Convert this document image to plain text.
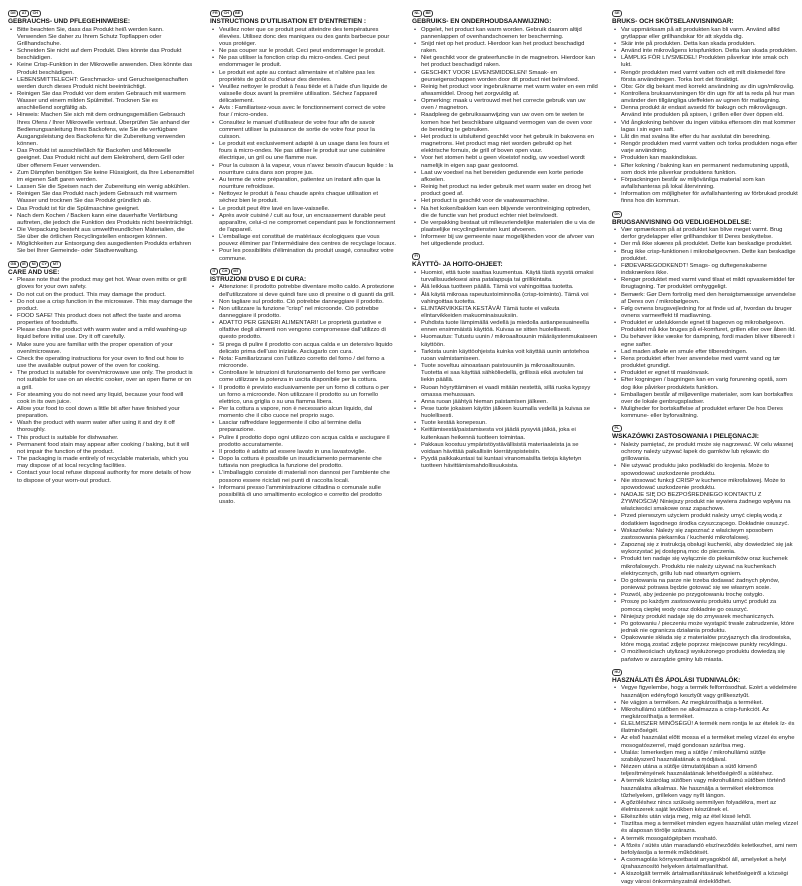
DE	AT	CH
GEBRAUCHS- UND PFLEGEHINWEISE:
• Bitte beachten Sie, dass das Produkt heiß werden kann. Verwenden Sie daher zu Ihrem Schutz Topflappen oder Grillhandschuhe.
• Schneiden Sie nicht auf dem Produkt. Dies könnte das Produkt beschädigen.
• Keine Crisp-Funktion in der Mikrowelle anwenden. Dies könnte das Produkt beschädigen.
• LEBENSMITTELECHT: Geschmacks- und Geruchseigenschaften werden durch dieses Produkt nicht beeinträchtigt.
• Reinigen Sie das Produkt vor dem ersten Gebrauch mit warmem Wasser und einem milden Spülmittel. Trocknen Sie es anschließend sorgfältig ab.
• Hinweis: Machen Sie sich mit dem ordnungsgemäßen Gebrauch Ihres Ofens / Ihrer Mikrowelle vertraut. Überprüfen Sie anhand der Bedienungsanleitung Ihres Backofens, wie Sie die verfügbare Ausgangsleistung des Backofens für die Zubereitung verwenden können.
• Das Produkt ist ausschließlich für Backofen und Mikrowelle geeignet. Das Produkt nicht auf dem Elektroherd, dem Grill oder über offenem Feuer verwenden.
• Zum Dämpfen benötigen Sie keine Flüssigkeit, da Ihre Lebensmittel im eigenen Saft garen werden.
• Lassen Sie die Speisen nach der Zubereitung ein wenig abkühlen.
• Reinigen Sie das Produkt nach jedem Gebrauch mit warmem Wasser und trocknen Sie das Produkt gründlich ab.
• Das Produkt ist für die Spülmaschine geeignet.
• Nach dem Kochen / Backen kann eine dauerhafte Verfärbung auftreten, die jedoch die Funktion des Produkts nicht beeinträchtigt.
• Die Verpackung besteht aus umweltfreundlichen Materialien, die Sie über die örtlichen Recyclingstellen entsorgen können.
• Möglichkeiten zur Entsorgung des ausgedienten Produkts erfahren Sie bei Ihrer Gemeinde- oder Stadtverwaltung.
GB	IE	NI	CY	MT
CARE AND USE:
• Please note that the product may get hot. Wear oven mitts or grill gloves for your own safety.
• Do not cut on the product. This may damage the product.
• Do not use a crisp function in the microwave. This may damage the product.
• FOOD SAFE! This product does not affect the taste and aroma properties of foodstuffs.
• Please clean the product with warm water and a mild washing-up liquid before initial use. Dry it off carefully.
• Make sure you are familiar with the proper operation of your oven/microwave.
• Check the operating instructions for your oven to find out how to use the available output power of the oven for cooking.
• The product is suitable for oven/microwave use only. The product is not suitable for use on an electric cooker, over an open flame or on a grill.
• For steaming you do not need any liquid, because your food will cook in its own juice.
• Allow your food to cool down a little bit after have finished your preparation.
• Wash the product with warm water after using it and dry it off thoroughly.
• This product is suitable for dishwasher.
• Permanent food stain may appear after cooking / baking, but it will not impair the function of the product.
• The packaging is made entirely of recyclable materials, which you may dispose of at local recycling facilities.
• Contact your local refuse disposal authority for more details of how to dispose of your worn-out product.
FR	CH	BE
INSTRUCTIONS D'UTILISATION ET D'ENTRETIEN :
• Veuillez noter que ce produit peut atteindre des températures élevées. Utilisez donc des maniques ou des gants barbecue pour vous protéger.
• Ne pas couper sur le produit. Ceci peut endommager le produit.
• Ne pas utiliser la fonction crisp du micro-ondes. Ceci peut endommager le produit.
• Le produit est apte au contact alimentaire et n'altère pas les propriétés de goût ou d'odeur des denrées.
• Veuillez nettoyer le produit à l'eau tiède et à l'aide d'un liquide de vaisselle doux avant la première utilisation. Séchez l'appareil délicatement.
• Avis : Familiarisez-vous avec le fonctionnement correct de votre four / micro-ondes.
• Consultez le manuel d'utilisateur de votre four afin de savoir comment utiliser la puissance de sortie de votre four pour la cuisson.
• Le produit est exclusivement adapté à un usage dans les fours et fours à micro-ondes. Ne pas utiliser le produit sur une cuisinière électrique, un gril ou une flamme nue.
• Pour la cuisson à la vapeur, vous n'avez besoin d'aucun liquide : la nourriture cuira dans son propre jus.
• Au terme de votre préparation, patientez un instant afin que la nourriture refroidisse.
• Nettoyez le produit à l'eau chaude après chaque utilisation et séchez bien le produit.
• Le produit peut être lavé en lave-vaisselle.
• Après avoir cuisiné / cuit au four, un encrassement durable peut apparaître, celui-ci ne compromet cependant pas le fonctionnement de l'appareil.
• L'emballage est constitué de matériaux écologiques que vous pouvez éliminer par l'intermédiaire des centres de recyclage locaux.
• Pour les possibilités d'élimination du produit usagé, consultez votre commune.
IT	CH	MT
ISTRUZIONI D'USO E DI CURA:
• Attenzione: il prodotto potrebbe diventare molto caldo. A protezione dell'utilizzatore si deve quindi fare uso di presine o di guanti da grill.
• Non tagliare sul prodotto. Ciò potrebbe danneggiare il prodotto.
• Non utilizzare la funzione "crisp" nel microonde. Ciò potrebbe danneggiare il prodotto.
• ADATTO PER GENERI ALIMENTARI! Le proprietà gustative e olfattive degli alimenti non vengono compromesse dall'utilizzo di questo prodotto.
• Si prega di pulire il prodotto con acqua calda e un detersivo liquido delicato prima dell'uso iniziale. Asciugarlo con cura.
• Nota: Familiarizzarsi con l'utilizzo corretto del forno / del forno a microonde.
• Controllare le istruzioni di funzionamento del forno per verificare come utilizzare la potenza in uscita disponibile per la cottura.
• Il prodotto è previsto esclusivamente per un forno di cottura o per un forno a microonde. Non utilizzare il prodotto su un fornello elettrico, una griglia o su una fiamma libera.
• Per la cottura a vapore, non è necessario alcun liquido, dal momento che il cibo cuoce nel proprio sugo.
• Lasciar raffreddare leggermente il cibo al termine della preparazione.
• Pulire il prodotto dopo ogni utilizzo con acqua calda e asciugare il prodotto accuratamente.
• Il prodotto è adatto ad essere lavato in una lavastoviglie.
• Dopo la cottura è possibile un insudiciamento permanente che tuttavia non pregiudica la funzione del prodotto.
• L'imballaggio consiste di materiali non dannosi per l'ambiente che possono essere riciclati nei punti di raccolta locali.
• Informarsi presso l'amministrazione cittadina o comunale sulle possibilità di uno smaltimento ecologico e corretto del prodotto usato.
NL	BE
GEBRUIKS- EN ONDERHOUDSAANWIJZING:
• Opgelet, het product kan warm worden. Gebruik daarom altijd pannenlappen of ovenhandschoenen ter bescherming.
• Snijd niet op het product. Hierdoor kan het product beschadigd raken.
• Niet geschikt voor de grateerfunctie in de magnetron. Hierdoor kan het product beschadigd raken.
• GESCHIKT VOOR LEVENSMIDDELEN! Smaak- en geurseigenschappen worden door dit product niet beïnvloed.
• Reinig het product voor ingebruikname met warm water en een mild afwasmiddel. Droog het zorgvuldig af.
• Opmerking: maak u vertrouwd met het correcte gebruik van uw oven / magnetron.
• Raadpleeg de gebruiksaanwijzing van uw oven om te weten te komen hoe het beschikbare uitgaand vermogen van de oven voor de bereiding te gebruiken.
• Het product is uitsluitend geschikt voor het gebruik in bakovens en magnetrons. Het product mag niet worden gebruikt op het elektrische fornuis, de grill of boven open vuur.
• Voor het stomen hebt u geen vloeistof nodig, uw voedsel wordt namelijk in eigen sap gaar gestoomd.
• Laat uw voedsel na het bereiden gedurende een korte periode afkoelen.
• Reinig het product na ieder gebruik met warm water en droog het product goed af.
• Het product is geschikt voor de vaatwasmachine.
• Na het koken/bakken kan een blijvende verontreiniging optreden, die de functie van het product echter niet beïnvloedt.
• De verpakking bestaat uit milieuvriendelijke materialen die u via de plaatselijke recyclingdiensten kunt afvoeren.
• Informeer bij uw gemeente naar mogelijkheden voor de afvoer van het uitgediende product.
FI
KÄYTTÖ- JA HOITO-OHJEET:
• Huomioi, että tuote saattaa kuumentua. Käytä tästä syystä omaksi turvallisuudeksesi aina patalappuja tai grillikintaita.
• Älä leikkaa tuotteen päällä. Tämä voi vahingoittaa tuotetta.
• Älä käytä mikroaa rapeutustoiminnolla (crisp-toiminto). Tämä voi vahingoittaa tuotetta.
• ELINTARVIKKEITA KESTÄVÄ! Tämä tuote ei vaikuta elintarvikkeiden makuominaisuuksiin.
• Puhdista tuote lämpimällä vedellä ja miedolla astianpesuaineella ennen ensimmäistä käyttöä. Kuivaa se sitten huolellisesti.
• Huomautus: Tutustu uunin / mikroaaltouunin määräystenmukaiseen käyttöön.
• Tarkista uunin käyttöohjeista kuinka voit käyttää uunin antotehoa ruoan valmistamiseen.
• Tuote soveltuu ainoastaan paistouuniin ja mikroaaltouuniin. Tuotetta ei saa käyttää sähköliedellä, grillissä eikä avotulen tai liekin päällä.
• Ruoan höyryttäminen ei vaadi mitään nestettä, sillä ruoka kypsyy omassa mehussaan.
• Anna ruoan jäähtyä hieman paistamisen jälkeen.
• Pese tuote jokaisen käytön jälkeen kuumalla vedellä ja kuivaa se huolellisesti.
• Tuote kestää konepesun.
• Keittämisestä/paistamisesta voi jäädä pysyviä jälkiä, joka ei kuitenkaan heikennä tuotteen toimintaa.
• Pakkaus koostuu ympäristöystävällisistä materiaaleista ja se voidaan hävittää paikallisiin kierrätyspisteisiin.
• Pyydä paikkakuntasi tai kuntasi viranomaisilta tietoja käytetyn tuotteen hävittämismahdollisuuksista.
SE
BRUKS- OCH SKÖTSELANVISNINGAR:
• Var uppmärksam på att produkten kan bli varm. Använd alltid grytlappar eller grillhandskar för att skydda dig.
• Skär inte på produkten. Detta kan skada produkten.
• Använd inte mikrovågens krispfunktion. Detta kan skada produkten.
• LÄMPLIG FÖR LIVSMEDEL! Produkten påverkar inte smak och lukt.
• Rengör produkten med varmt vatten och ett milt diskmedel före första användningen. Torka bort det försiktigt.
• Obs: Gör dig bekant med korrekt användning av din ugn/mikrovåg.
• Kontrollera bruksanvisningen för din ugn för att ta reda på hur man använder den tillgängliga uteffekten av ugnen för matlagning.
• Denna produkt är endast avsedd för bakugn och mikrovågsugn. Använd inte produkten på spisen, i grillen eller över öppen eld.
• Vid ångkokning behöver du ingen vätska eftersom din mat kommer lagas i sin egen saft.
• Låt din mat svalna lite efter du har avslutat din beredning.
• Rengör produkten med varmt vatten och torka produkten noga efter varje användning.
• Produkten kan maskindiskas.
• Efter kokning / bakning kan en permanent nedsmutsning uppstå, som dock inte påverkar produktens funktion.
• Förpackningen består av miljövänliga material som kan avfallshanteras på lokal återvinning.
• Information om möjligheter för avfallshantering av förbrukad produkt finns hos din kommun.
DK
BRUGSANVISNING OG VEDLIGEHOLDELSE:
• Vær opmærksom på at produktet kan blive meget varmt. Brug derfor grydelapper eller grillhandsker til Deres beskyttelse.
• Der må ikke skæres på produktet. Dette kan beskadige produktet.
• Brug ikke crisp-funktionen i mikrobølgeovnen. Dette kan beskadige produktet.
• FØDEVAREGODKENDT! Smags- og duftegenskaberne indskrænkes ikke.
• Rengør produktet med varmt vand tilsat et mildt opvaskemiddel før ibrugtagning. Tør produktet omhyggeligt.
• Bemærk: Gør Dem fortrolig med den hensigtsmæssige anvendelse af Deres ovn / mikrobølgeovn.
• Følg ovnens brugsvejledning for at finde ud af, hvordan du bruger ovnens varmeeffekt til madlavning.
• Produktet er udelukkende egnet til bageovn og mikrobølgeovn. Produktet må ikke bruges på el-komfuret, grillen eller over åben ild.
• Du behøver ikke væske for dampning, fordi maden bliver tilberedt i egne safter.
• Lad maden afkøle en smule efter tilberedningen.
• Rens produktet efter hver anvendelse med varmt vand og tør produktet grundigt.
• Produktet er egnet til maskinvask.
• Efter kogningen / bagningen kan en varig forurening opstå, som dog ikke påvirker produktets funktion.
• Emballagen består af miljøvenlige materialer, som kan bortskaffes over de lokale genbrugspladser.
• Muligheder for bortskaffelse af produktet erfarer De hos Deres kommune- eller byforvaltning.
PL
WSKAZÓWKI ZASTOSOWANIA I PIELĘGNACJI:
• Należy pamiętać, że produkt może się nagrzewać. W celu własnej ochrony należy używać łapek do garnków lub rękawic do grillowania.
• Nie używać produktu jako podkładki do krojenia. Może to spowodować uszkodzenie produktu.
• Nie stosować funkcji CRISP w kuchence mikrofalowej. Może to spowodować uszkodzenie produktu.
• NADAJE SIĘ DO BEZPOŚREDNIEGO KONTAKTU Z ŻYWNOŚCIĄ! Niniejszy produkt nie wywiera żadnego wpływu na właściwości smakowe oraz zapachowe.
• Przed pierwszym użyciem produkt należy umyć ciepłą wodą z dodatkiem łagodnego środka czyszczącego. Dokładnie osuszyć.
• Wskazówka: Należy się zapoznać z właściwym sposobem zastosowania piekarnika / kuchenki mikrofalowej.
• Zapoznaj się z instrukcją obsługi kuchenki, aby dowiedzieć się jak wykorzystać jej dostępną moc do pieczenia.
• Produkt ten nadaje się wyłącznie do piekarników oraz kuchenek mikrofalowych. Produktu nie należy używać na kuchenkach elektrycznych, grillu lub nad otwartym ogniem.
• Do gotowania na parze nie trzeba dodawać żadnych płynów, ponieważ potrawa będzie gotować się we własnym sosie.
• Pozwól, aby jedzenie po przygotowaniu trochę ostygło.
• Proszę po każdym zastosowaniu produktu umyć produkt za pomocą ciepłej wody oraz dokładnie go osuszyć.
• Niniejszy produkt nadaje się do zmywarek mechanicznych.
• Po gotowaniu / pieczeniu może wystąpić trwałe zabrudzenie, które jednak nie ogranicza działania produktu.
• Opakowanie składa się z materiałów przyjaznych dla środowiska, które mogą zostać zdjęte poprzez miejscowe punkty recyklingu.
• O możliwościach utylizacji wysłużonego produktu dowiedzą się państwo w zarządzie gminy lub miasta.
HU
HASZNÁLATI ÉS ÁPOLÁSI TUDNIVALÓK:
• Vegye figyelembe, hogy a termék felforrósodhat. Ezért a védelmére használjon edényfogó kesztyűt vagy grillkesztyűt.
• Ne vágjon a terméken. Az megkárosíthatja a terméket.
• Mikrohullámú sütőben ne alkalmazza a crisp-funkciót. Az megkárosíthatja a terméket.
• ÉLELMISZER MINŐSÉGŰ! A termék nem rontja le az ételek íz- és illatminőségét.
• Az első használat előtt mossa el a terméket meleg vízzel és enyhe mosogatószerrel, majd gondosan szárítsa meg.
• Utalás: Ismerkedjen meg a sütője / mikrohullámú sütője szabályszerű használatának a módjával.
• Nézzen utána a sütője útmutatójában a sütő kimenő teljesítményének használatának lehetőségéről a sütéshez.
• A termék kizárólag sütőben vagy mikrohullámú sütőben történő használatra alkalmas. Ne használja a terméket elektromos tűzhelyeken, grilleken vagy nyílt lángon.
• A gőzöléshez nincs szükség semmilyen folyadékra, mert az élelmiszerek saját levükben készülnek el.
• Elkészítés után várja meg, míg az étel kissé lehűl.
• Tisztítsa meg a terméket minden egyes használat után meleg vízzel és alaposan törölje szárazra.
• A termék mosogatógépben mosható.
• A főzés / sütés után maradandó elszíneződés keletkezhet, ami nem befolyásolja a termék működését.
• A csomagolás környezetbarát anyagokból áll, amelyeket a helyi újrahasznosító helyeken ártalmatlaníthat.
• A kiszolgált termék ártalmatlanításának lehetőségeiről a községi vagy városi önkormányzatnál érdeklődhet.
